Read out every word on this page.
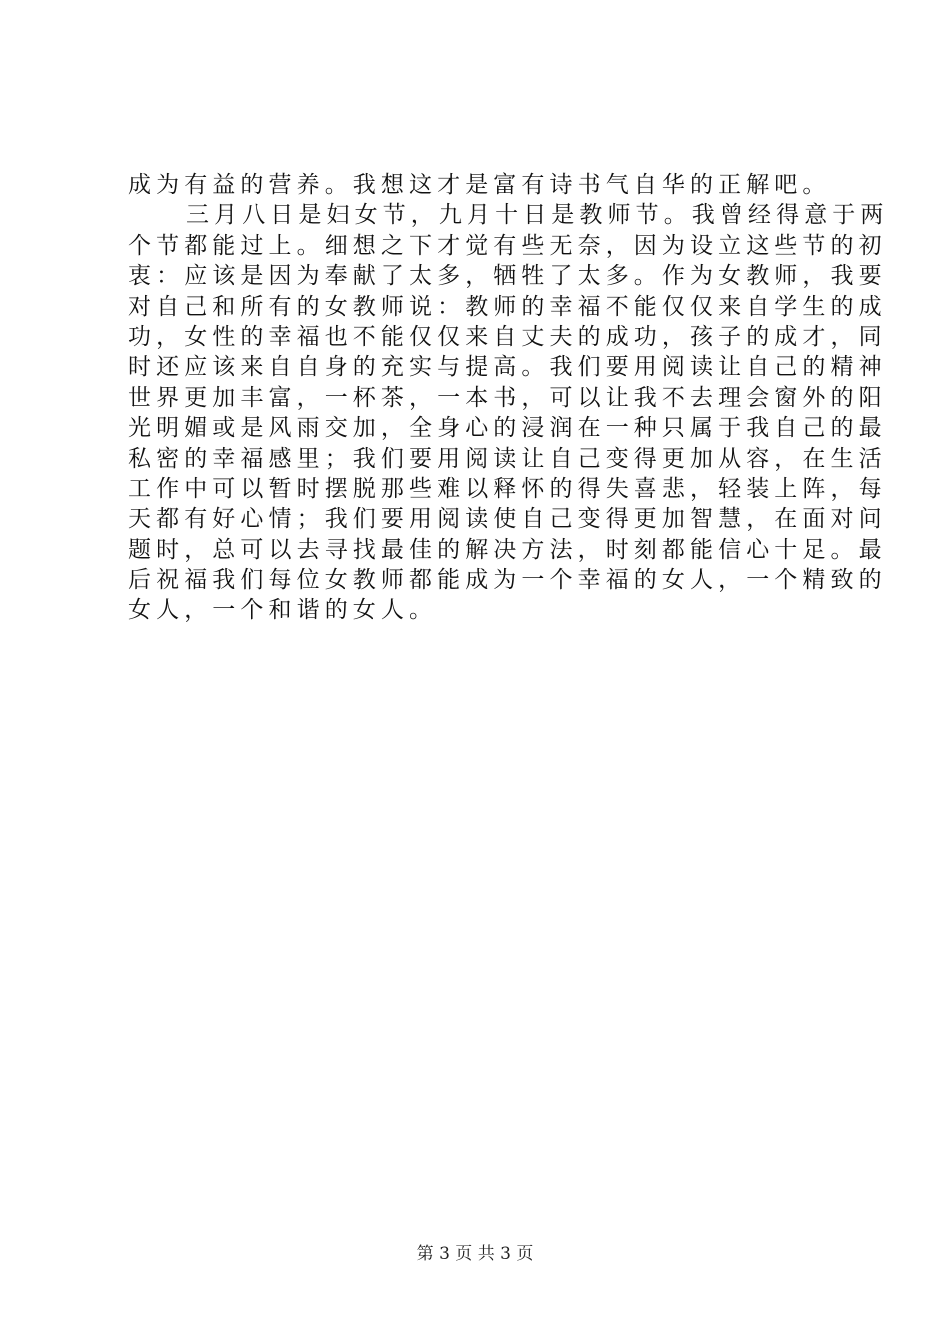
成为有益的营养。我想这才是富有诗书气自华的正解吧。

三月八日是妇女节，九月十日是教师节。我曾经得意于两

个节都能过上。细想之下才觉有些无奈，因为设立这些节的初

衷：应该是因为奉献了太多，牺牲了太多。作为女教师，我要

对自己和所有的女教师说：教师的幸福不能仅仅来自学生的成

功，女性的幸福也不能仅仅来自丈夫的成功，孩子的成才，同

时还应该来自自身的充实与提高。我们要用阅读让自己的精神

世界更加丰富，一杯茶，一本书，可以让我不去理会窗外的阳

光明媚或是风雨交加，全身心的浸润在一种只属于我自己的最

私密的幸福感里；我们要用阅读让自己变得更加从容，在生活

工作中可以暂时摆脱那些难以释怀的得失喜悲，轻装上阵，每

天都有好心情；我们要用阅读使自己变得更加智慧，在面对问

题时，总可以去寻找最佳的解决方法，时刻都能信心十足。最

后祝福我们每位女教师都能成为一个幸福的女人，一个精致的

女人，一个和谐的女人。

第 3 页 共 3 页
